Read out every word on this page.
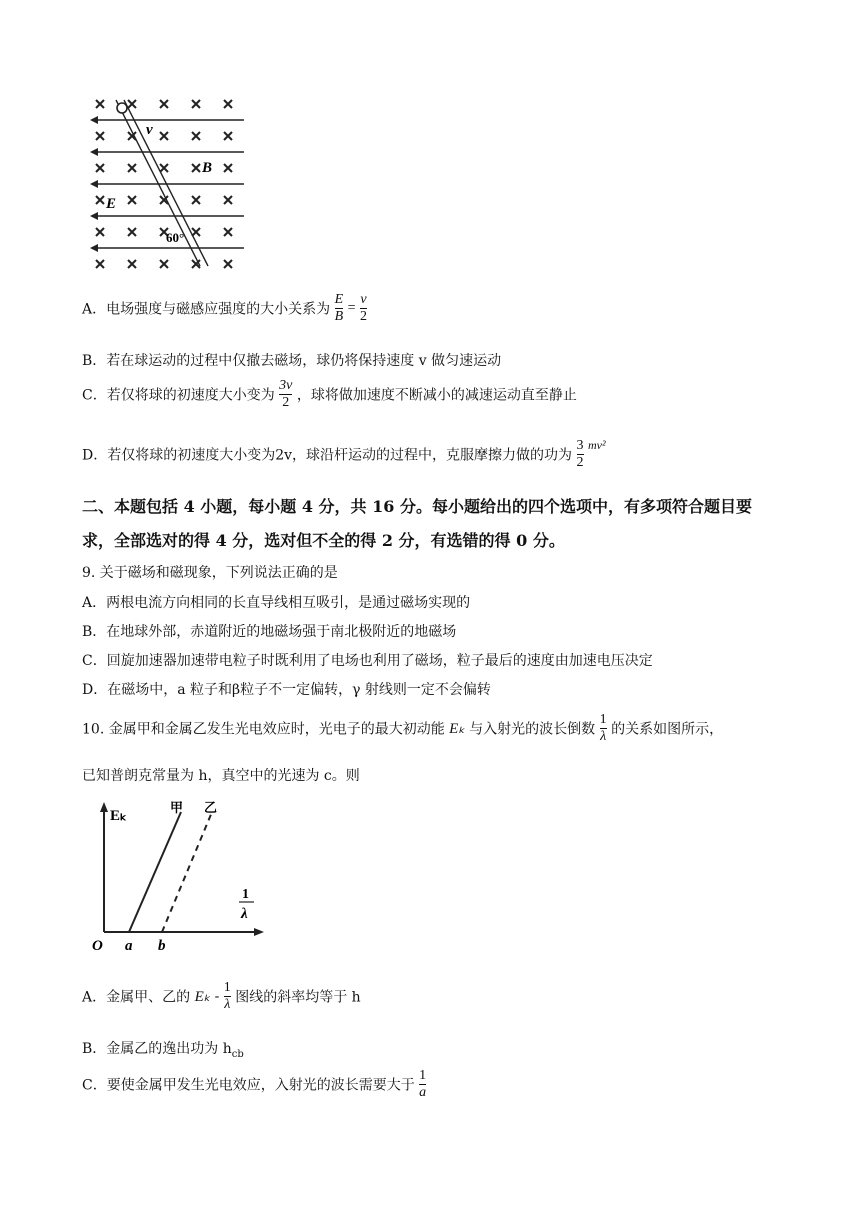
v
B
E
60°
A．电场强度与磁感应强度的大小关系为 $\frac{E}{B} = \frac{v}{2}$
B．若在球运动的过程中仅撤去磁场，球仍将保持速度 v 做匀速运动
C．若仅将球的初速度大小变为 $\frac{3v}{2}$ ，球将做加速度不断减小的减速运动直至静止
D．若仅将球的初速度大小变为2v，球沿杆运动的过程中，克服摩擦力做的功为 $\frac{3}{2} mv^2$
二、本题包括 4 小题，每小题 4 分，共 16 分。每小题给出的四个选项中，有多项符合题目要
求，全部选对的得 4 分，选对但不全的得 2 分，有选错的得 0 分。
9. 关于磁场和磁现象，下列说法正确的是
A．两根电流方向相同的长直导线相互吸引，是通过磁场实现的
B．在地球外部，赤道附近的地磁场强于南北极附近的地磁场
C．回旋加速器加速带电粒子时既利用了电场也利用了磁场，粒子最后的速度由加速电压决定
D．在磁场中，a 粒子和β粒子不一定偏转，γ 射线则一定不会偏转
10. 金属甲和金属乙发生光电效应时，光电子的最大初动能 Eₖ 与入射光的波长倒数 $\frac{1}{\lambda}$ 的关系如图所示，
已知普朗克常量为 h，真空中的光速为 c。则
Eₖ
甲 乙
1
λ
O a b
A．金属甲、乙的 Eₖ - $\frac{1}{\lambda}$ 图线的斜率均等于 h
B．金属乙的逸出功为 $h_{cb}$
C．要使金属甲发生光电效应，入射光的波长需要大于 $\frac{1}{a}$
